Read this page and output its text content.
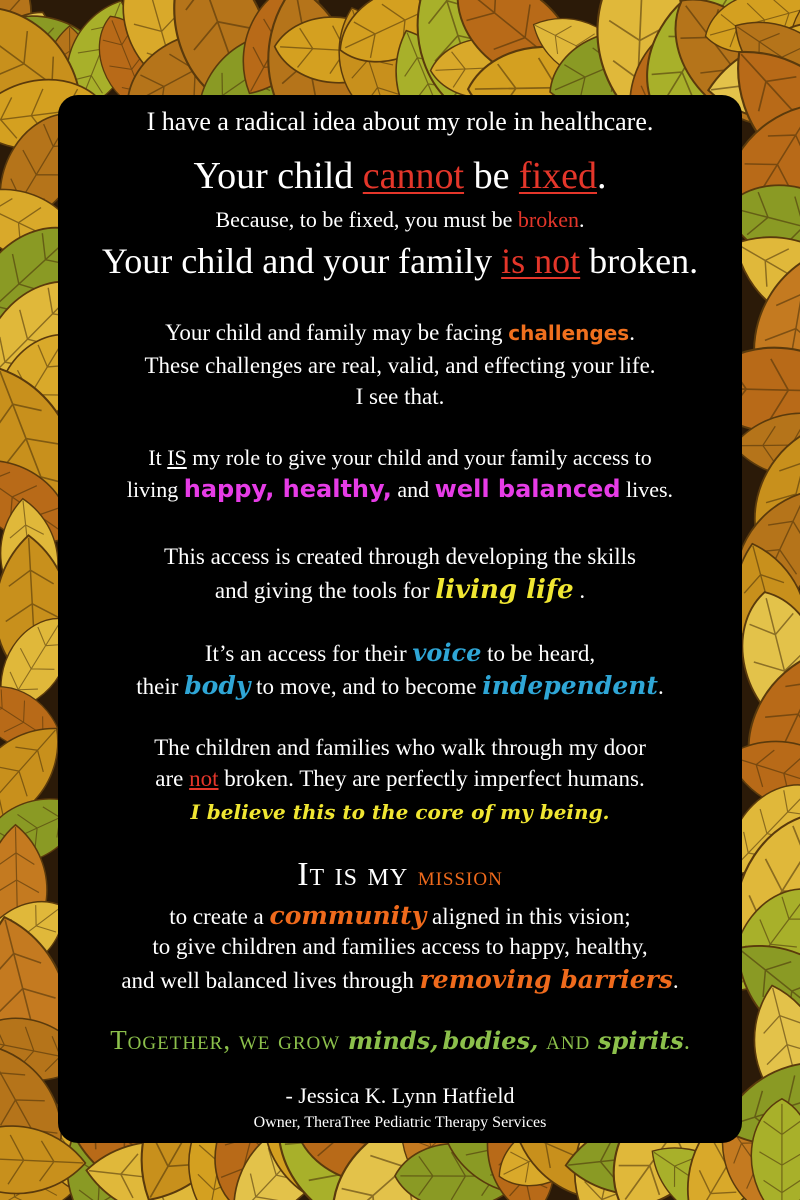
I have a radical idea about my role in healthcare.
Your child cannot be fixed.
Because, to be fixed, you must be broken.
Your child and your family is not broken.
Your child and family may be facing challenges.
These challenges are real, valid, and effecting your life.
I see that.
It IS my role to give your child and your family access to
living happy, healthy, and well balanced lives.
This access is created through developing the skills
and giving the tools for living life .
It’s an access for their voice to be heard,
their body to move, and to become independent.
The children and families who walk through my door
are not broken. They are perfectly imperfect humans.
I believe this to the core of my being.
It is my mission
to create a community aligned in this vision;
to give children and families access to happy, healthy,
and well balanced lives through removing barriers.
Together, we grow minds, bodies, and spirits.
- Jessica K. Lynn Hatfield
Owner, TheraTree Pediatric Therapy Services
